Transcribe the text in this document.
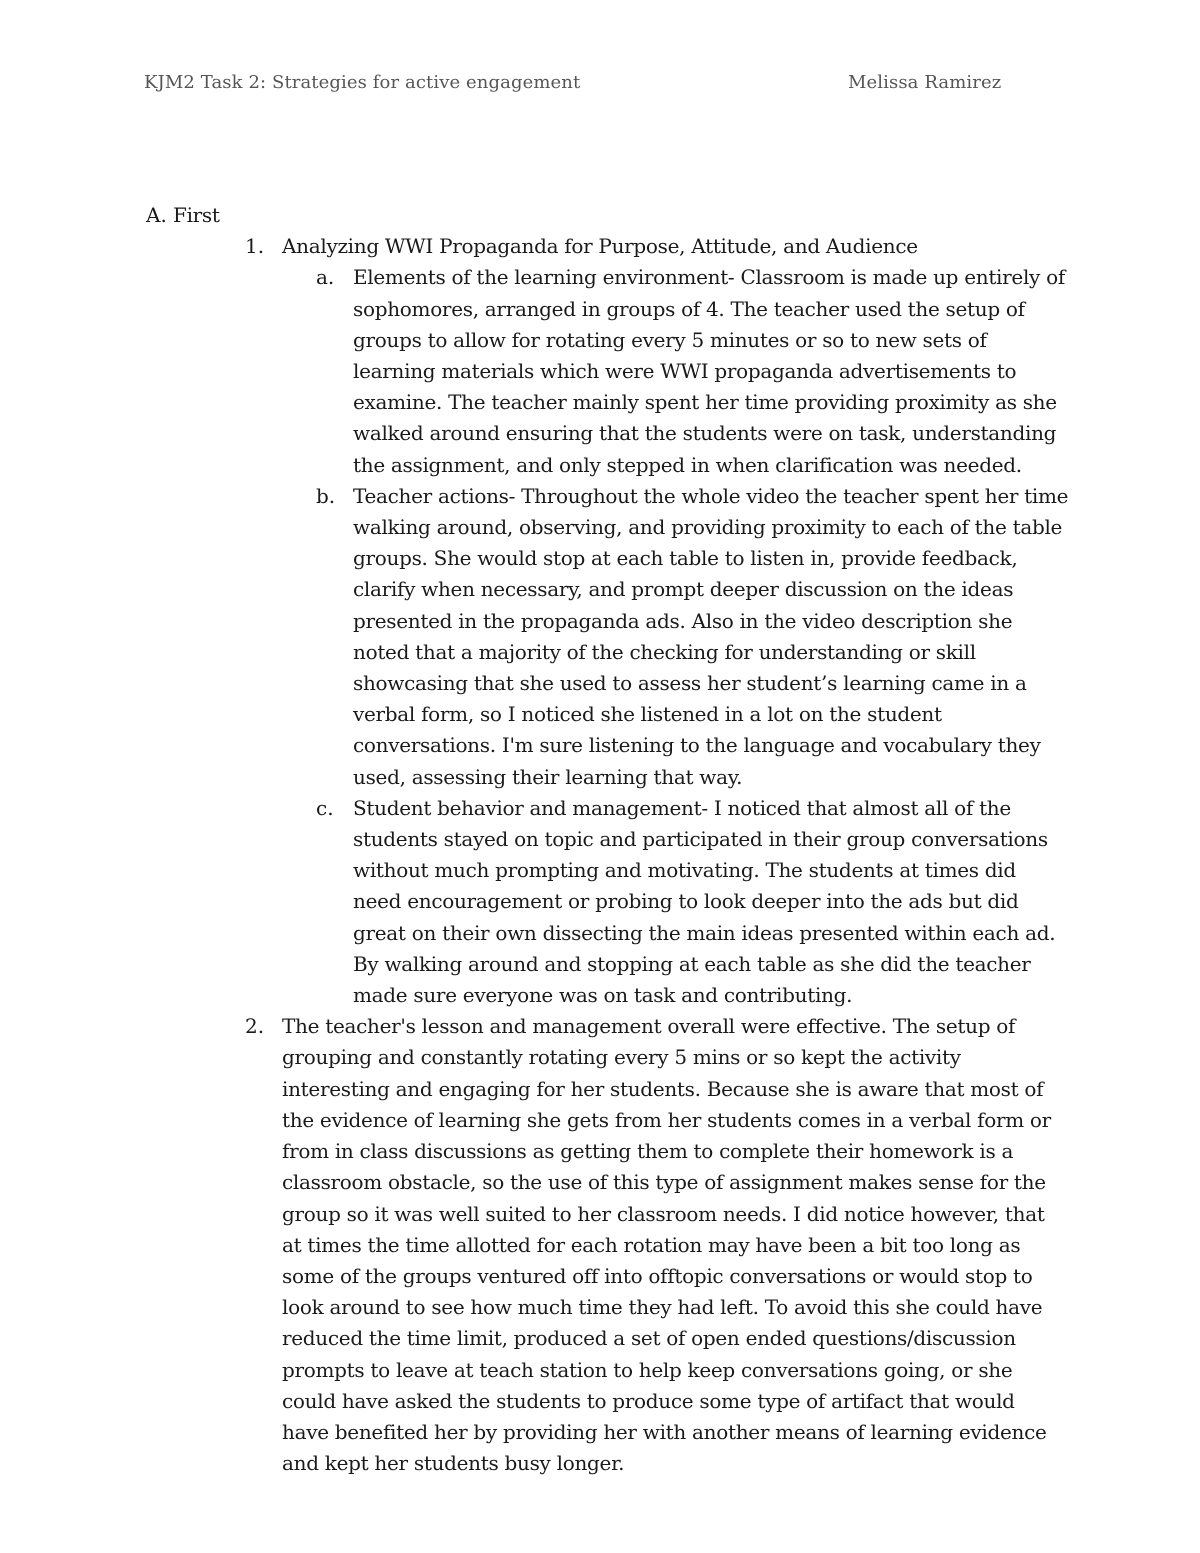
KJM2 Task 2: Strategies for active engagement	Melissa Ramirez
A. First
1. Analyzing WWI Propaganda for Purpose, Attitude, and Audience
a. Elements of the learning environment- Classroom is made up entirely of sophomores, arranged in groups of 4. The teacher used the setup of groups to allow for rotating every 5 minutes or so to new sets of learning materials which were WWI propaganda advertisements to examine. The teacher mainly spent her time providing proximity as she walked around ensuring that the students were on task, understanding the assignment, and only stepped in when clarification was needed.
b. Teacher actions- Throughout the whole video the teacher spent her time walking around, observing, and providing proximity to each of the table groups. She would stop at each table to listen in, provide feedback, clarify when necessary, and prompt deeper discussion on the ideas presented in the propaganda ads. Also in the video description she noted that a majority of the checking for understanding or skill showcasing that she used to assess her student’s learning came in a verbal form, so I noticed she listened in a lot on the student conversations. I'm sure listening to the language and vocabulary they used, assessing their learning that way.
c. Student behavior and management- I noticed that almost all of the students stayed on topic and participated in their group conversations without much prompting and motivating. The students at times did need encouragement or probing to look deeper into the ads but did great on their own dissecting the main ideas presented within each ad. By walking around and stopping at each table as she did the teacher made sure everyone was on task and contributing.
2. The teacher's lesson and management overall were effective. The setup of grouping and constantly rotating every 5 mins or so kept the activity interesting and engaging for her students. Because she is aware that most of the evidence of learning she gets from her students comes in a verbal form or from in class discussions as getting them to complete their homework is a classroom obstacle, so the use of this type of assignment makes sense for the group so it was well suited to her classroom needs. I did notice however, that at times the time allotted for each rotation may have been a bit too long as some of the groups ventured off into offtopic conversations or would stop to look around to see how much time they had left. To avoid this she could have reduced the time limit, produced a set of open ended questions/discussion prompts to leave at teach station to help keep conversations going, or she could have asked the students to produce some type of artifact that would have benefited her by providing her with another means of learning evidence and kept her students busy longer.
